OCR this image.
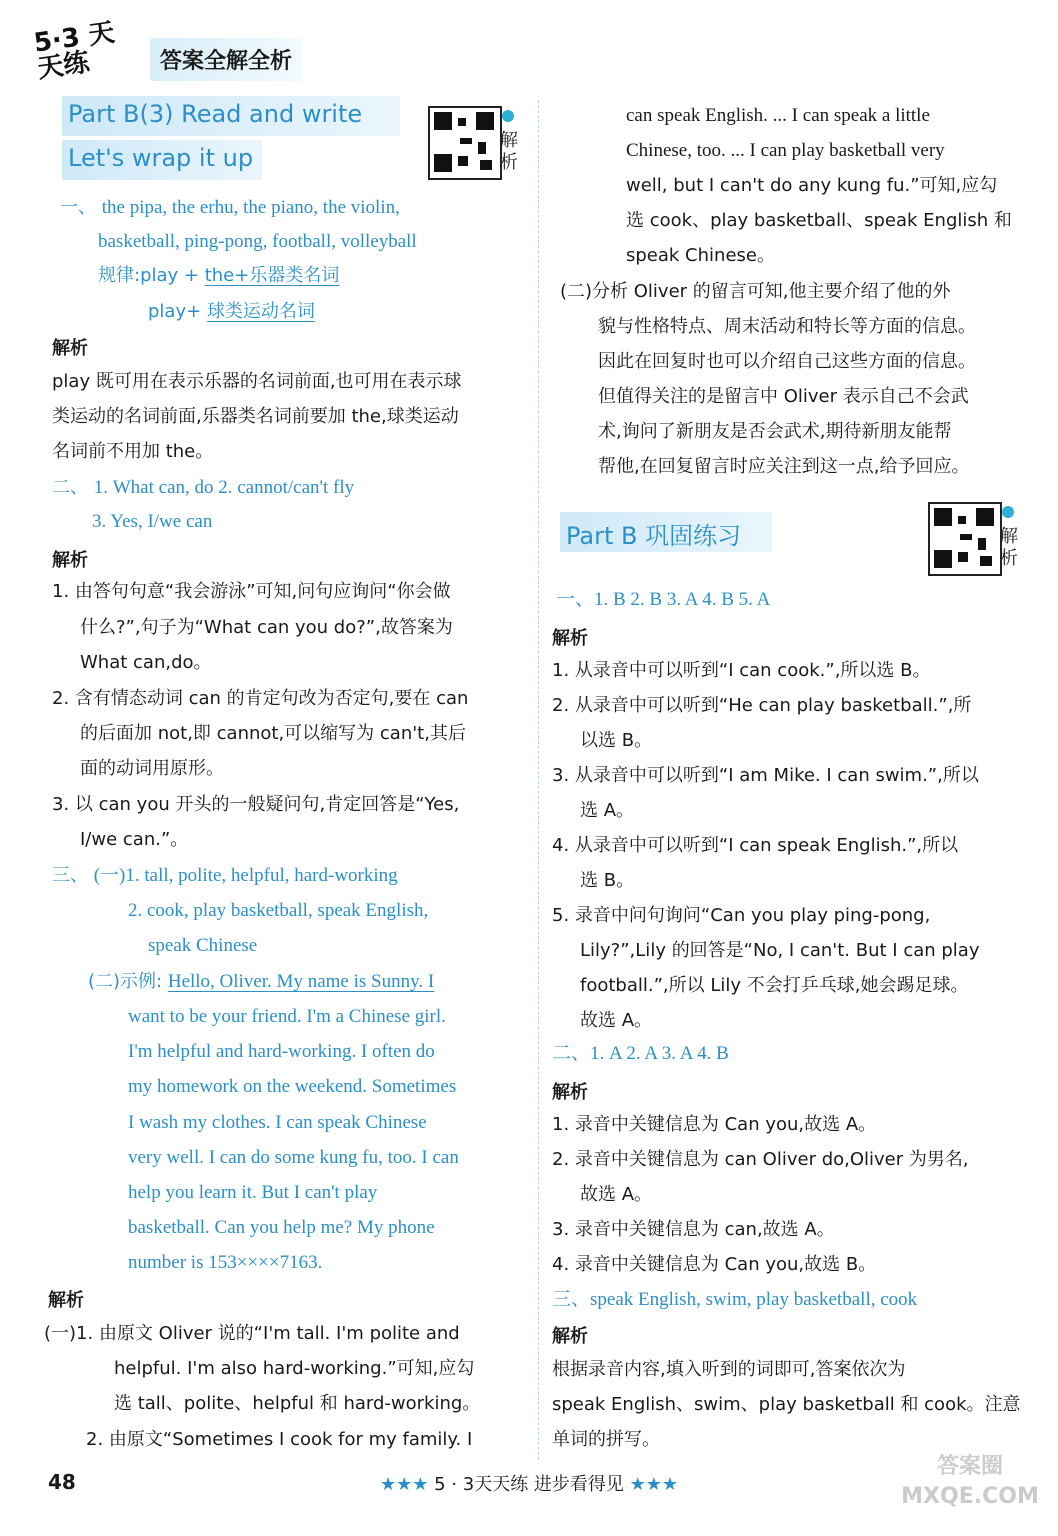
5·3 天天练	答案全解全析
Part B(3) Read and write
Let's wrap it up
解析
一、 the pipa, the erhu, the piano, the violin,
basketball, ping-pong, football, volleyball
规律:play + the+乐器类名词
play+ 球类运动名词
解析
play 既可用在表示乐器的名词前面,也可用在表示球
类运动的名词前面,乐器类名词前要加 the,球类运动
名词前不用加 the。
二、 1. What can, do 2. cannot/can't fly
3. Yes, I/we can
解析
1. 由答句句意“我会游泳”可知,问句应询问“你会做
什么?”,句子为“What can you do?”,故答案为
What can,do。
2. 含有情态动词 can 的肯定句改为否定句,要在 can
的后面加 not,即 cannot,可以缩写为 can't,其后
面的动词用原形。
3. 以 can you 开头的一般疑问句,肯定回答是“Yes,
I/we can.”。
三、 (一)1. tall, polite, helpful, hard-working
2. cook, play basketball, speak English,
speak Chinese
(二)示例: Hello, Oliver. My name is Sunny. I
want to be your friend. I'm a Chinese girl.
I'm helpful and hard-working. I often do
my homework on the weekend. Sometimes
I wash my clothes. I can speak Chinese
very well. I can do some kung fu, too. I can
help you learn it. But I can't play
basketball. Can you help me? My phone
number is 153××××7163.
解析
(一)1. 由原文 Oliver 说的“I'm tall. I'm polite and
helpful. I'm also hard-working.”可知,应勾
选 tall、polite、helpful 和 hard-working。
2. 由原文“Sometimes I cook for my family. I
can speak English. ... I can speak a little
Chinese, too. ... I can play basketball very
well, but I can't do any kung fu.”可知,应勾
选 cook、play basketball、speak English 和
speak Chinese。
(二)分析 Oliver 的留言可知,他主要介绍了他的外
貌与性格特点、周末活动和特长等方面的信息。
因此在回复时也可以介绍自己这些方面的信息。
但值得关注的是留言中 Oliver 表示自己不会武
术,询问了新朋友是否会武术,期待新朋友能帮
帮他,在回复留言时应关注到这一点,给予回应。
Part B 巩固练习	解析
一、1. B 2. B 3. A 4. B 5. A
解析
1. 从录音中可以听到“I can cook.”,所以选 B。
2. 从录音中可以听到“He can play basketball.”,所
以选 B。
3. 从录音中可以听到“I am Mike. I can swim.”,所以
选 A。
4. 从录音中可以听到“I can speak English.”,所以
选 B。
5. 录音中问句询问“Can you play ping-pong,
Lily?”,Lily 的回答是“No, I can't. But I can play
football.”,所以 Lily 不会打乒乓球,她会踢足球。
故选 A。
二、1. A 2. A 3. A 4. B
解析
1. 录音中关键信息为 Can you,故选 A。
2. 录音中关键信息为 can Oliver do,Oliver 为男名,
故选 A。
3. 录音中关键信息为 can,故选 A。
4. 录音中关键信息为 Can you,故选 B。
三、speak English, swim, play basketball, cook
解析
根据录音内容,填入听到的词即可,答案依次为
speak English、swim、play basketball 和 cook。注意
单词的拼写。
48	★★★ 5 · 3天天练 进步看得见 ★★★
答案圈 MXQE.COM
